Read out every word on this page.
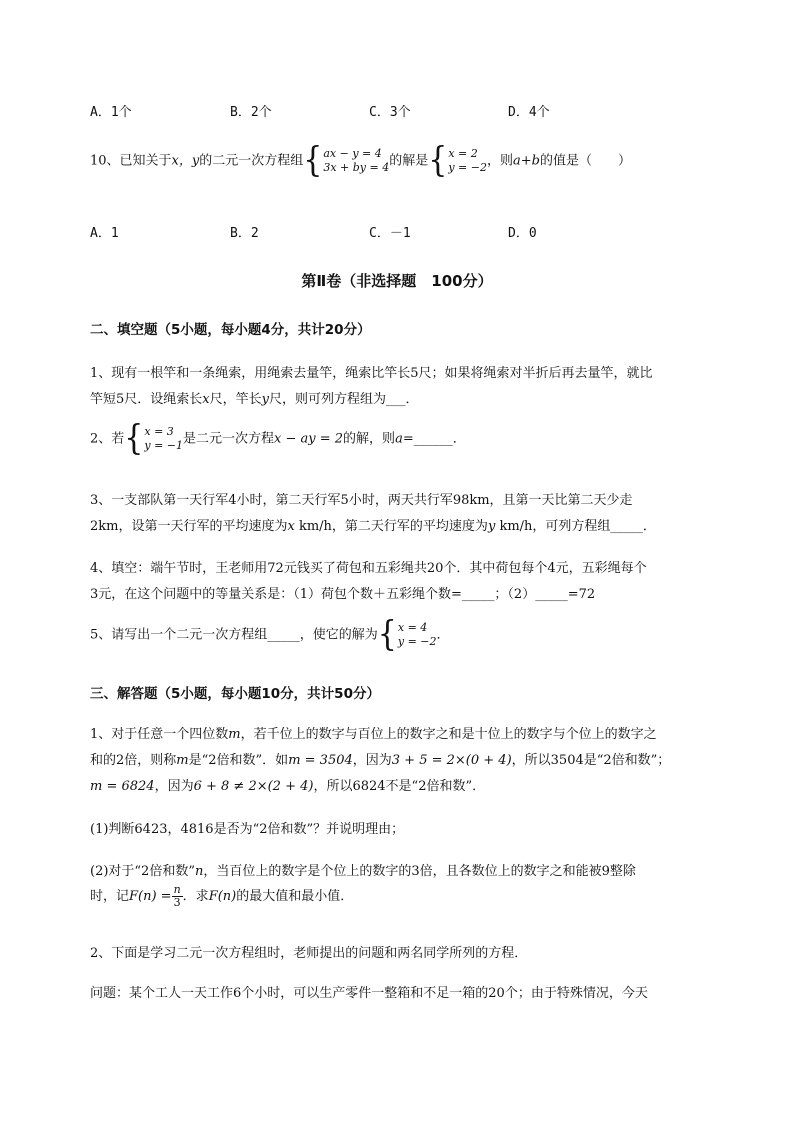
A．1个	B．2个	C．3个	D．4个
10、已知关于x，y的二元一次方程组{ ax − y = 4
3x + by = 4 的解是{ x = 2
y = −2 ，则a+b的值是（　　）
A．1	B．2	C．－1	D．0
第Ⅱ卷（非选择题　100分）
二、填空题（5小题，每小题4分，共计20分）
1、现有一根竿和一条绳索，用绳索去量竿，绳索比竿长5尺；如果将绳索对半折后再去量竿，就比
竿短5尺．设绳索长x尺，竿长y尺，则可列方程组为___．
2、若{ x = 3
y = −1 是二元一次方程x − ay = 2的解，则a=______．
3、一支部队第一天行军4小时，第二天行军5小时，两天共行军98km，且第一天比第二天少走
2km，设第一天行军的平均速度为x km/h，第二天行军的平均速度为y km/h，可列方程组_____．
4、填空：端午节时，王老师用72元钱买了荷包和五彩绳共20个．其中荷包每个4元，五彩绳每个
3元，在这个问题中的等量关系是：（1）荷包个数＋五彩绳个数=_____；（2）_____=72
5、请写出一个二元一次方程组_____，使它的解为{ x = 4
y = −2 ．
三、解答题（5小题，每小题10分，共计50分）
1、对于任意一个四位数m，若千位上的数字与百位上的数字之和是十位上的数字与个位上的数字之
和的2倍，则称m是“2倍和数”．如m = 3504，因为3 + 5 = 2×(0 + 4)，所以3504是“2倍和数”；
m = 6824，因为6 + 8 ≠ 2×(2 + 4)，所以6824不是“2倍和数”．
(1)判断6423，4816是否为“2倍和数”？并说明理由；
(2)对于“2倍和数”n，当百位上的数字是个位上的数字的3倍，且各数位上的数字之和能被9整除
时，记$F(n) = \frac{n}{3}$ ．求F(n)的最大值和最小值．
2、下面是学习二元一次方程组时，老师提出的问题和两名同学所列的方程．
问题：某个工人一天工作6个小时，可以生产零件一整箱和不足一箱的20个；由于特殊情况，今天
